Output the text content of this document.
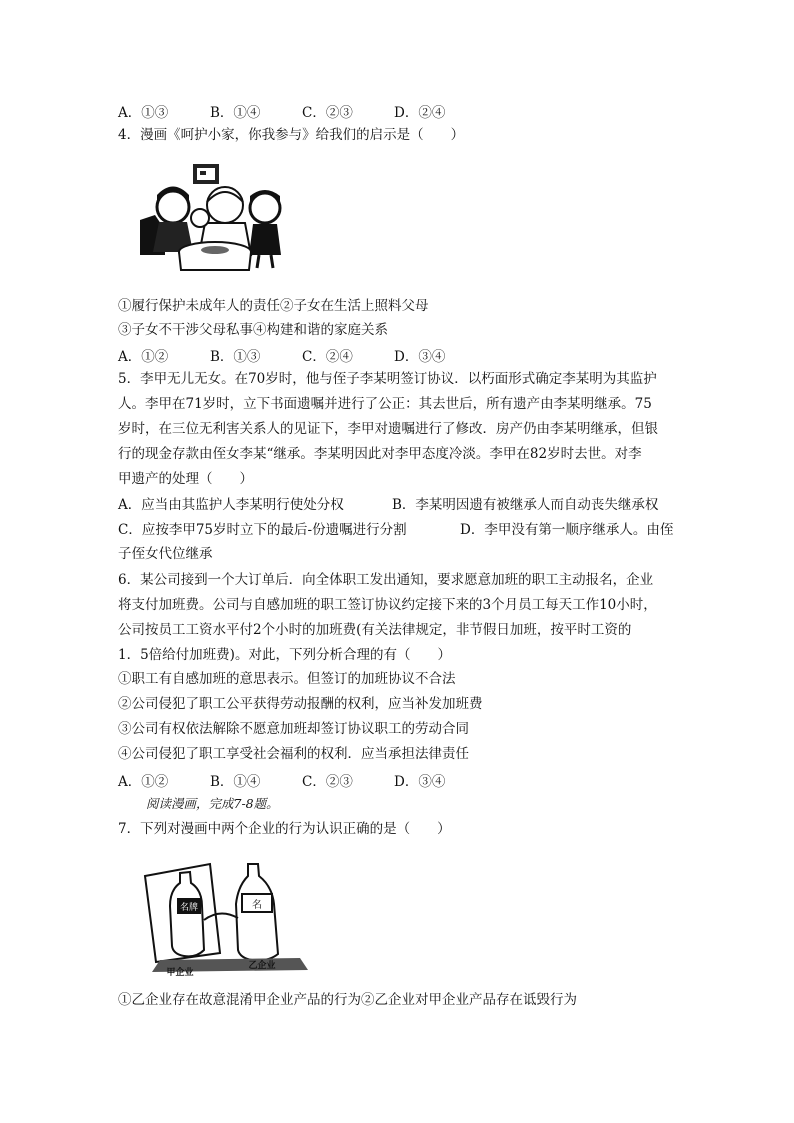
A．①③	B．①④	C．②③	D．②④
4．漫画《呵护小家，你我参与》给我们的启示是（　　）
①履行保护未成年人的责任②子女在生活上照料父母
③子女不干涉父母私事④构建和谐的家庭关系
A．①②	B．①③	C．②④	D．③④
5．李甲无儿无女。在70岁时，他与侄子李某明签订协议．以朽面形式确定李某明为其监护
人。李甲在71岁时，立下书面遗嘱并进行了公正：其去世后，所有遗产由李某明继承。75
岁时，在三位无利害关系人的见证下，李甲对遗嘱进行了修改．房产仍由李某明继承，但银
行的现金存款由侄女李某“继承。李某明因此对李甲态度冷淡。李甲在82岁时去世。对李
甲遗产的处理（　　）
A．应当由其监护人李某明行使处分权	B．李某明因遗有被继承人而自动丧失继承权
C．应按李甲75岁时立下的最后-份遗嘱进行分割	D．李甲没有第一顺序继承人。由侄
子侄女代位继承
6．某公司接到一个大订单后．向全体职工发出通知，要求愿意加班的职工主动报名，企业
将支付加班费。公司与自感加班的职工签订协议约定接下来的3个月员工每天工作10小时，
公司按员工工资水平付2个小时的加班费(有关法律规定，非节假日加班，按平时工资的
1．5倍给付加班费)。对此，下列分析合理的有（　　）
①职工有自感加班的意思表示。但签订的加班协议不合法
②公司侵犯了职工公平获得劳动报酬的权利，应当补发加班费
③公司有权依法解除不愿意加班却签订协议职工的劳动合同
④公司侵犯了职工享受社会福利的权利．应当承担法律责任
A．①②	B．①④	C．②③	D．③④
阅读漫画，完成7-8题。
7．下列对漫画中两个企业的行为认识正确的是（　　）
名牌	名
甲企业
乙企业
①乙企业存在故意混淆甲企业产品的行为②乙企业对甲企业产品存在诋毁行为
